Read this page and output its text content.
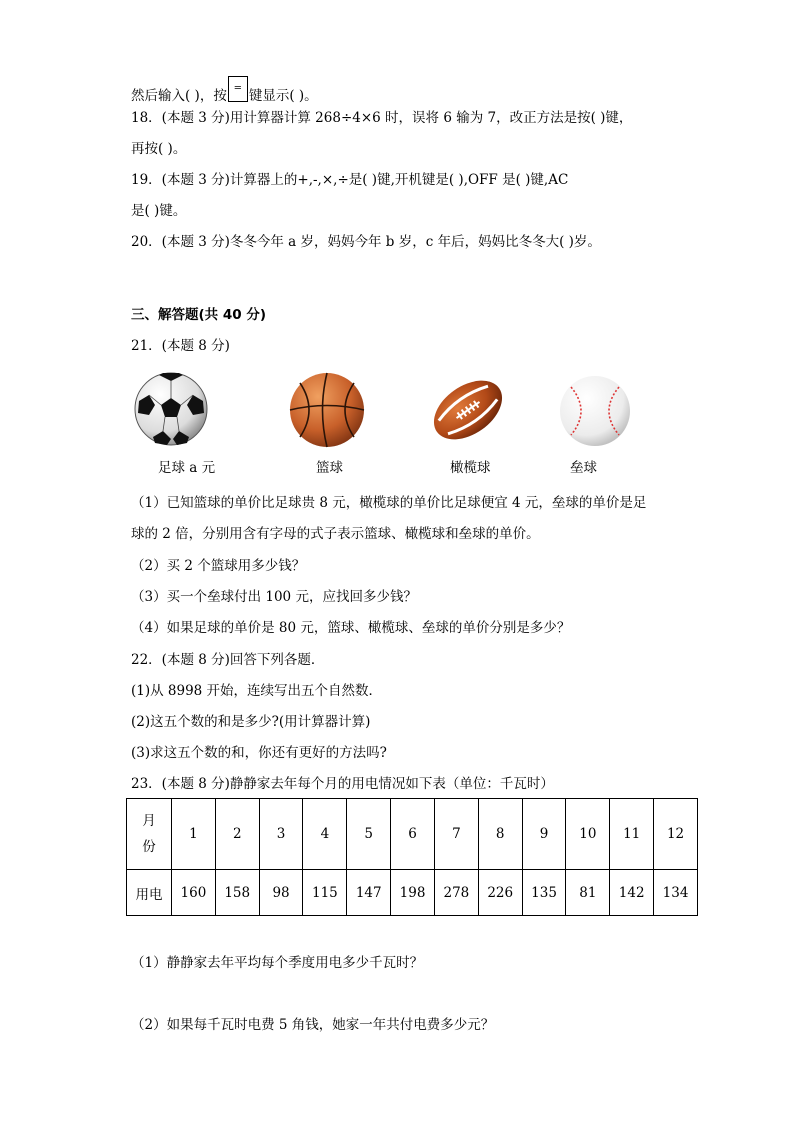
然后输入( )，按 = 键显示( )。
18．(本题 3 分)用计算器计算 268÷4×6 时，误将 6 输为 7，改正方法是按( )键，
再按( )。
19．(本题 3 分)计算器上的+,-,×,÷是( )键,开机键是( ),OFF 是( )键,AC
是( )键。
20．(本题 3 分)冬冬今年 a 岁，妈妈今年 b 岁，c 年后，妈妈比冬冬大( )岁。
三、解答题(共 40 分)
21．(本题 8 分)
足球 a 元	篮球	橄榄球	垒球
（1）已知篮球的单价比足球贵 8 元，橄榄球的单价比足球便宜 4 元，垒球的单价是足
球的 2 倍，分别用含有字母的式子表示篮球、橄榄球和垒球的单价。
（2）买 2 个篮球用多少钱？
（3）买一个垒球付出 100 元，应找回多少钱？
（4）如果足球的单价是 80 元，篮球、橄榄球、垒球的单价分别是多少？
22．(本题 8 分)回答下列各题．
(1)从 8998 开始，连续写出五个自然数．
(2)这五个数的和是多少?(用计算器计算)
(3)求这五个数的和，你还有更好的方法吗?
23．(本题 8 分)静静家去年每个月的用电情况如下表（单位：千瓦时）
月
份	1	2	3	4	5	6	7	8	9	10	11	12
用电	160	158	98	115	147	198	278	226	135	81	142	134
（1）静静家去年平均每个季度用电多少千瓦时？
（2）如果每千瓦时电费 5 角钱，她家一年共付电费多少元？
